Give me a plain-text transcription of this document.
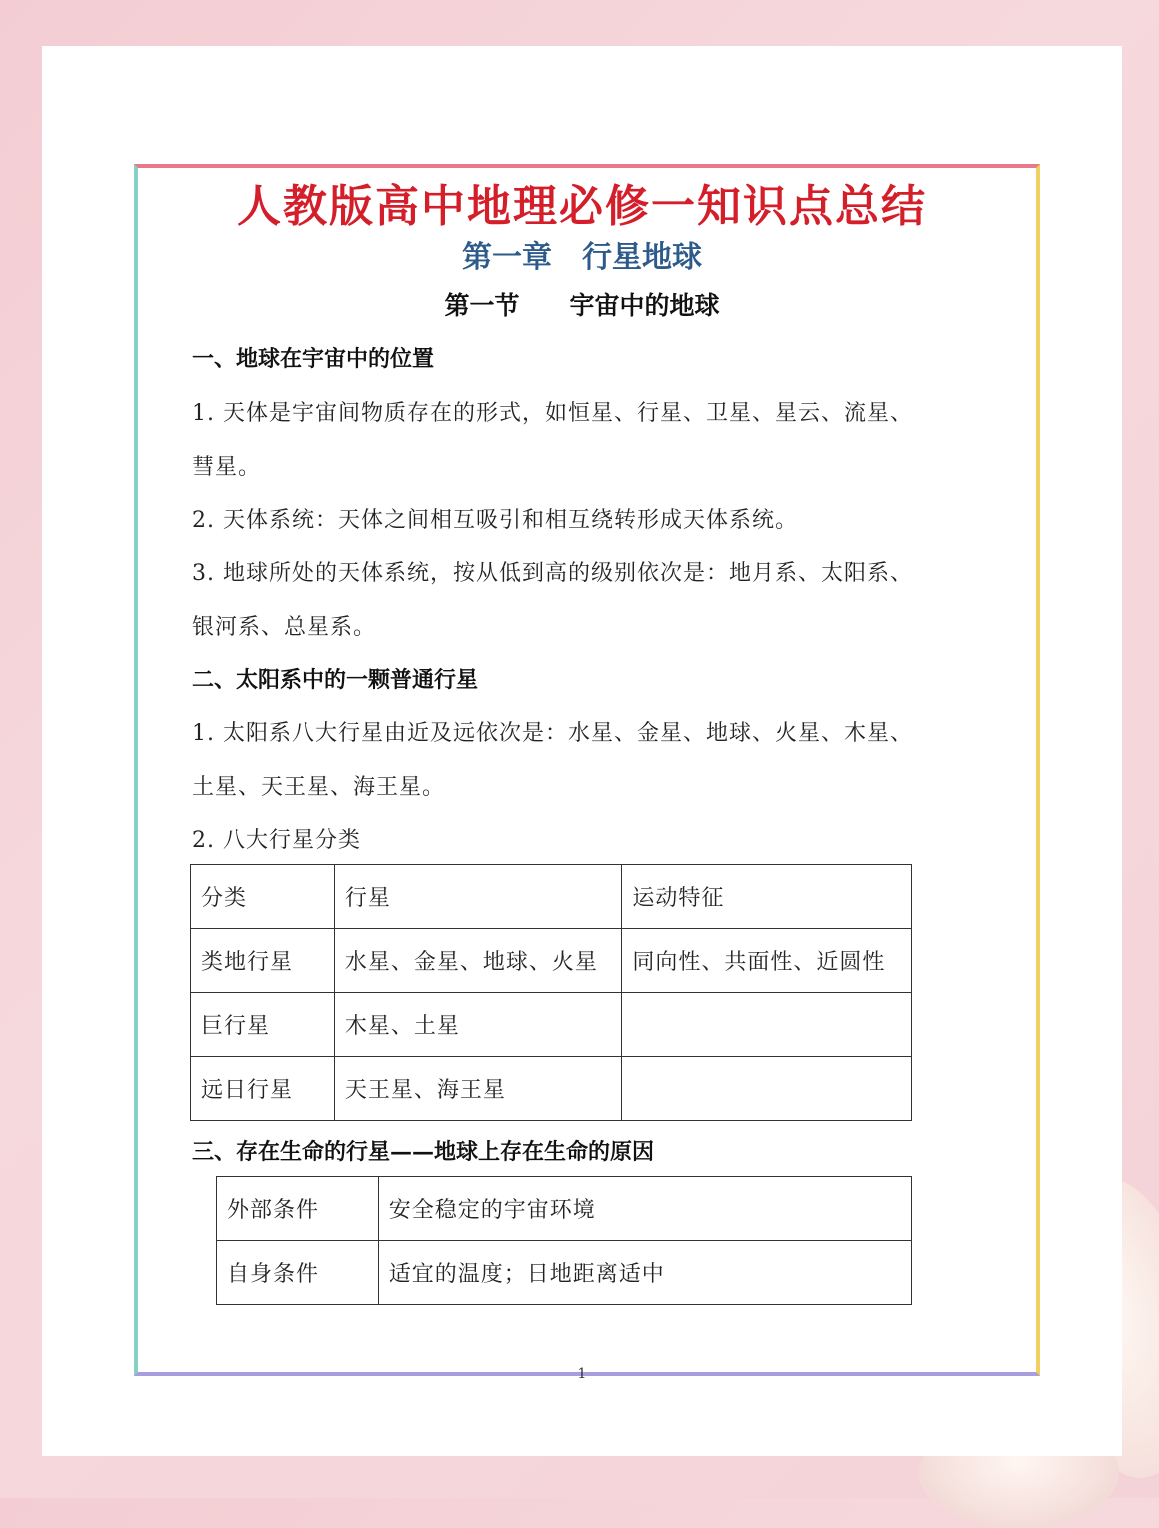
人教版高中地理必修一知识点总结
第一章　行星地球
第一节　　宇宙中的地球
一、地球在宇宙中的位置
1. 天体是宇宙间物质存在的形式，如恒星、行星、卫星、星云、流星、
彗星。
2. 天体系统：天体之间相互吸引和相互绕转形成天体系统。
3. 地球所处的天体系统，按从低到高的级别依次是：地月系、太阳系、
银河系、总星系。
二、太阳系中的一颗普通行星
1. 太阳系八大行星由近及远依次是：水星、金星、地球、火星、木星、
土星、天王星、海王星。
2. 八大行星分类
分类	行星	运动特征
类地行星	水星、金星、地球、火星	同向性、共面性、近圆性
巨行星	木星、土星	
远日行星	天王星、海王星	
三、存在生命的行星——地球上存在生命的原因
外部条件	安全稳定的宇宙环境
自身条件	适宜的温度；日地距离适中
1
